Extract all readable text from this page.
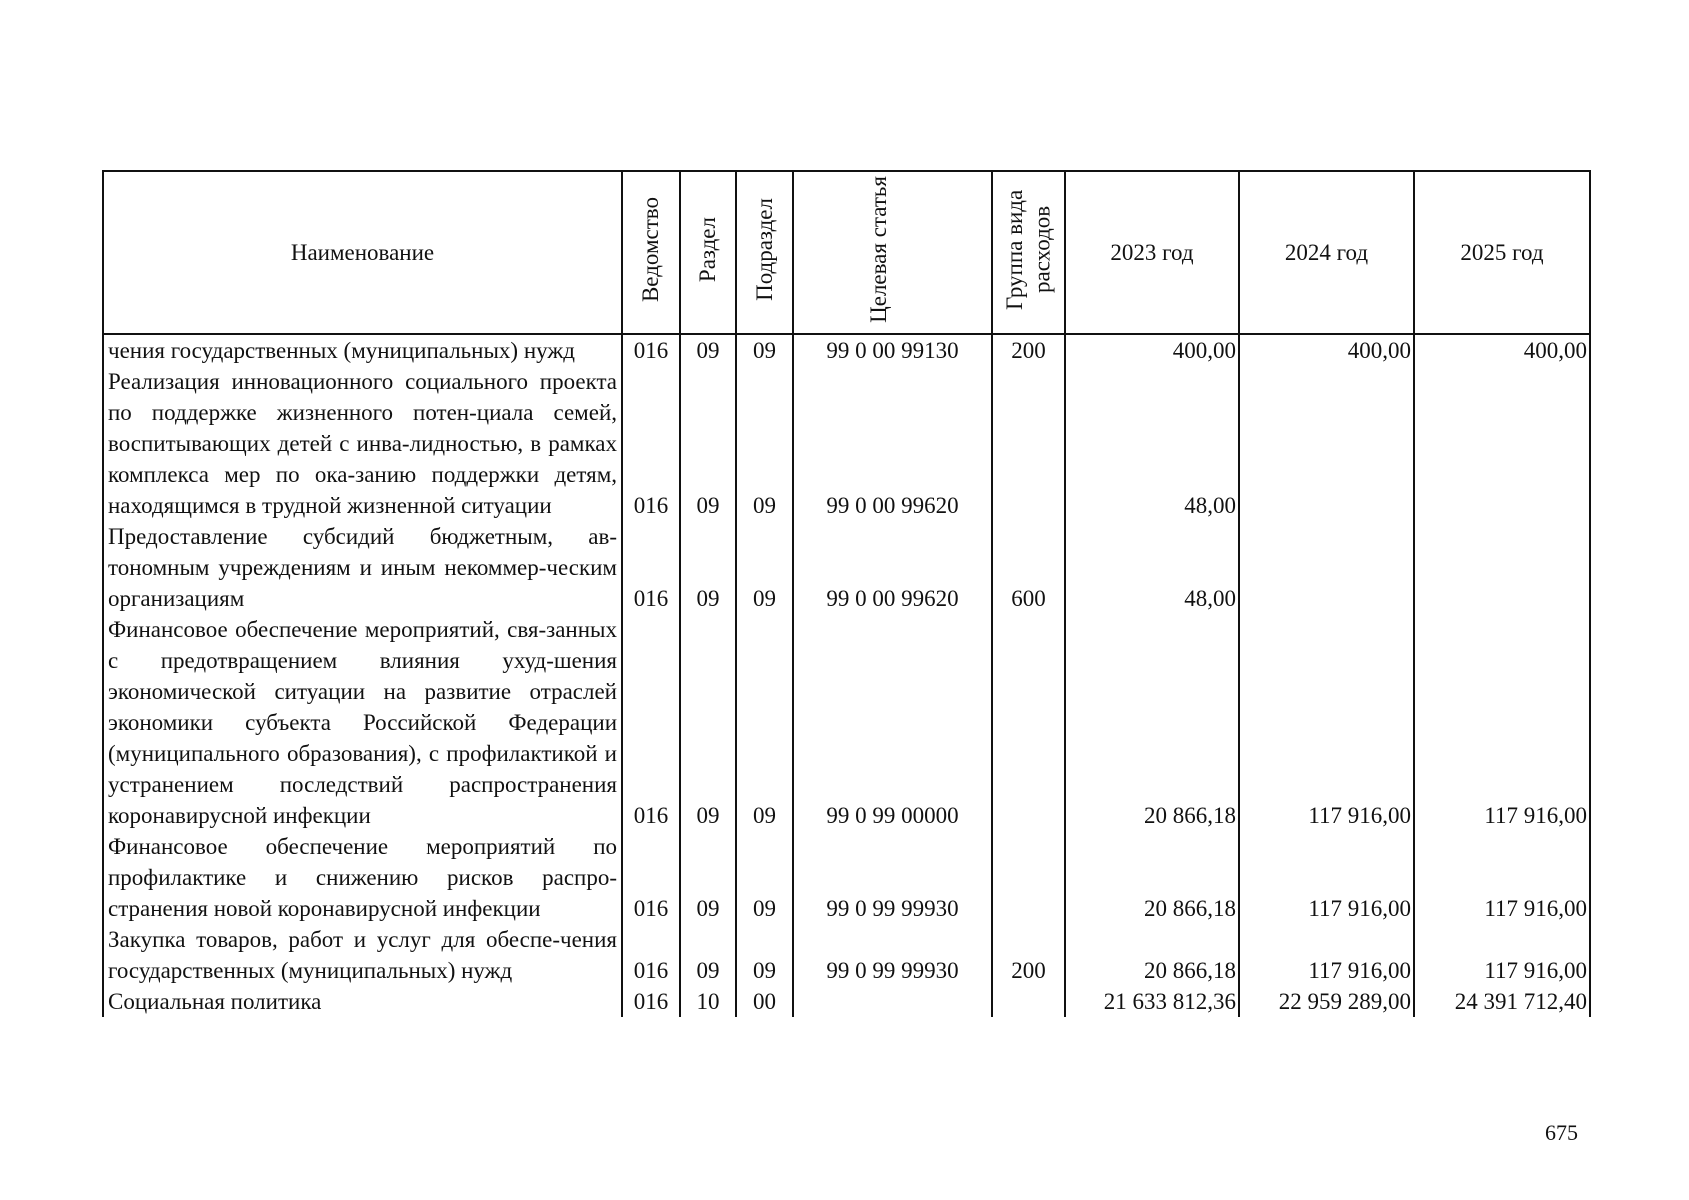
Наименование	Ведомство	Раздел	Подраздел	Целевая статья	Группа вида расходов	2023 год	2024 год	2025 год
чения государственных (муниципальных) нужд	016	09	09	99 0 00 99130	200	400,00	400,00	400,00
Реализация инновационного социального проекта по поддержке жизненного потен-циала семей, воспитывающих детей с инва-лидностью, в рамках комплекса мер по ока-занию поддержки детям, находящимся в трудной жизненной ситуации	016	09	09	99 0 00 99620		48,00		
Предоставление субсидий бюджетным, ав-тономным учреждениям и иным некоммер-ческим организациям	016	09	09	99 0 00 99620	600	48,00		
Финансовое обеспечение мероприятий, свя-занных с предотвращением влияния ухуд-шения экономической ситуации на развитие отраслей экономики субъекта Российской Федерации (муниципального образования), с профилактикой и устранением последствий распространения коронавирусной инфекции	016	09	09	99 0 99 00000		20 866,18	117 916,00	117 916,00
Финансовое обеспечение мероприятий по профилактике и снижению рисков распро-странения новой коронавирусной инфекции	016	09	09	99 0 99 99930		20 866,18	117 916,00	117 916,00
Закупка товаров, работ и услуг для обеспе-чения государственных (муниципальных) нужд	016	09	09	99 0 99 99930	200	20 866,18	117 916,00	117 916,00
Социальная политика	016	10	00			21 633 812,36	22 959 289,00	24 391 712,40
675
